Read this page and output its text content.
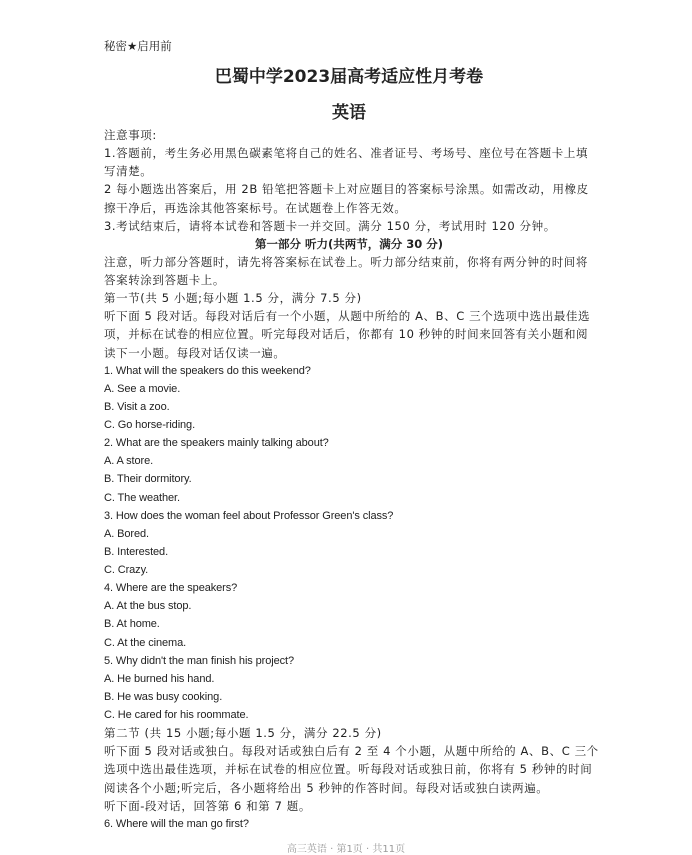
秘密★启用前
巴蜀中学2023届高考适应性月考卷
英语
注意事项:
1.答题前，考生务必用黑色碳素笔将自己的姓名、准者证号、考场号、座位号在答题卡上填
写清楚。
2 每小题选出答案后，用 2B 铅笔把答题卡上对应题目的答案标号涂黑。如需改动，用橡皮
擦干净后，再选涂其他答案标号。在试题卷上作答无效。
3.考试结束后，请将本试卷和答题卡一并交回。满分 150 分，考试用时 120 分钟。
第一部分 听力(共两节，满分 30 分)
注意，听力部分答题时，请先将答案标在试卷上。听力部分结束前，你将有两分钟的时间将
答案转涂到答题卡上。
第一节(共 5 小题;每小题 1.5 分，满分 7.5 分)
听下面 5 段对话。每段对话后有一个小题，从题中所给的 A、B、C 三个选项中选出最佳选
项，并标在试卷的相应位置。听完每段对话后，你都有 10 秒钟的时间来回答有关小题和阅
读下一小题。每段对话仅读一遍。
1. What will the speakers do this weekend?
A. See a movie.
B. Visit a zoo.
C. Go horse-riding.
2. What are the speakers mainly talking about?
A. A store.
B. Their dormitory.
C. The weather.
3. How does the woman feel about Professor Green's class?
A. Bored.
B. Interested.
C. Crazy.
4. Where are the speakers?
A. At the bus stop.
B. At home.
C. At the cinema.
5. Why didn't the man finish his project?
A. He burned his hand.
B. He was busy cooking.
C. He cared for his roommate.
第二节 (共 15 小题;每小题 1.5 分，满分 22.5 分)
听下面 5 段对话或独白。每段对话或独白后有 2 至 4 个小题，从题中所给的 A、B、C 三个
选项中选出最佳选项，并标在试卷的相应位置。听每段对话或独日前，你将有 5 秒钟的时间
阅读各个小题;听完后，各小题将给出 5 秒钟的作答时间。每段对话或独白读两遍。
听下面-段对话，回答第 6 和第 7 题。
6. Where will the man go first?
高三英语 · 第1页 · 共11页
